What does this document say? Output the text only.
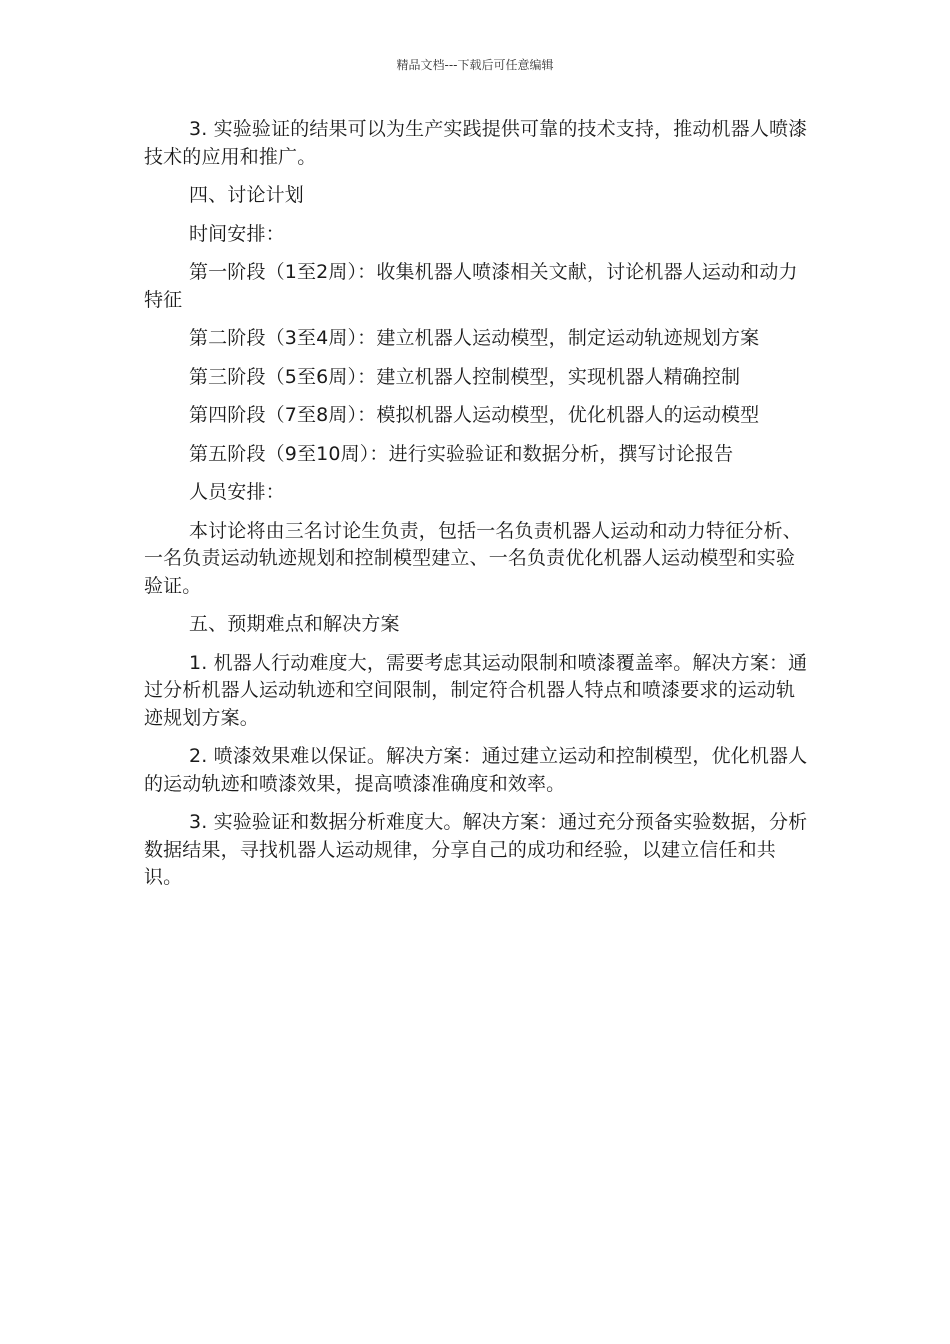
精品文档---下载后可任意编辑

3. 实验验证的结果可以为生产实践提供可靠的技术支持，推动机器人喷漆技术的应用和推广。

四、讨论计划

时间安排：

第一阶段（1至2周）：收集机器人喷漆相关文献，讨论机器人运动和动力特征

第二阶段（3至4周）：建立机器人运动模型，制定运动轨迹规划方案

第三阶段（5至6周）：建立机器人控制模型，实现机器人精确控制

第四阶段（7至8周）：模拟机器人运动模型，优化机器人的运动模型

第五阶段（9至10周）：进行实验验证和数据分析，撰写讨论报告

人员安排：

本讨论将由三名讨论生负责，包括一名负责机器人运动和动力特征分析、一名负责运动轨迹规划和控制模型建立、一名负责优化机器人运动模型和实验验证。

五、预期难点和解决方案

1. 机器人行动难度大，需要考虑其运动限制和喷漆覆盖率。解决方案：通过分析机器人运动轨迹和空间限制，制定符合机器人特点和喷漆要求的运动轨迹规划方案。

2. 喷漆效果难以保证。解决方案：通过建立运动和控制模型，优化机器人的运动轨迹和喷漆效果，提高喷漆准确度和效率。

3. 实验验证和数据分析难度大。解决方案：通过充分预备实验数据，分析数据结果，寻找机器人运动规律，分享自己的成功和经验，以建立信任和共识。
